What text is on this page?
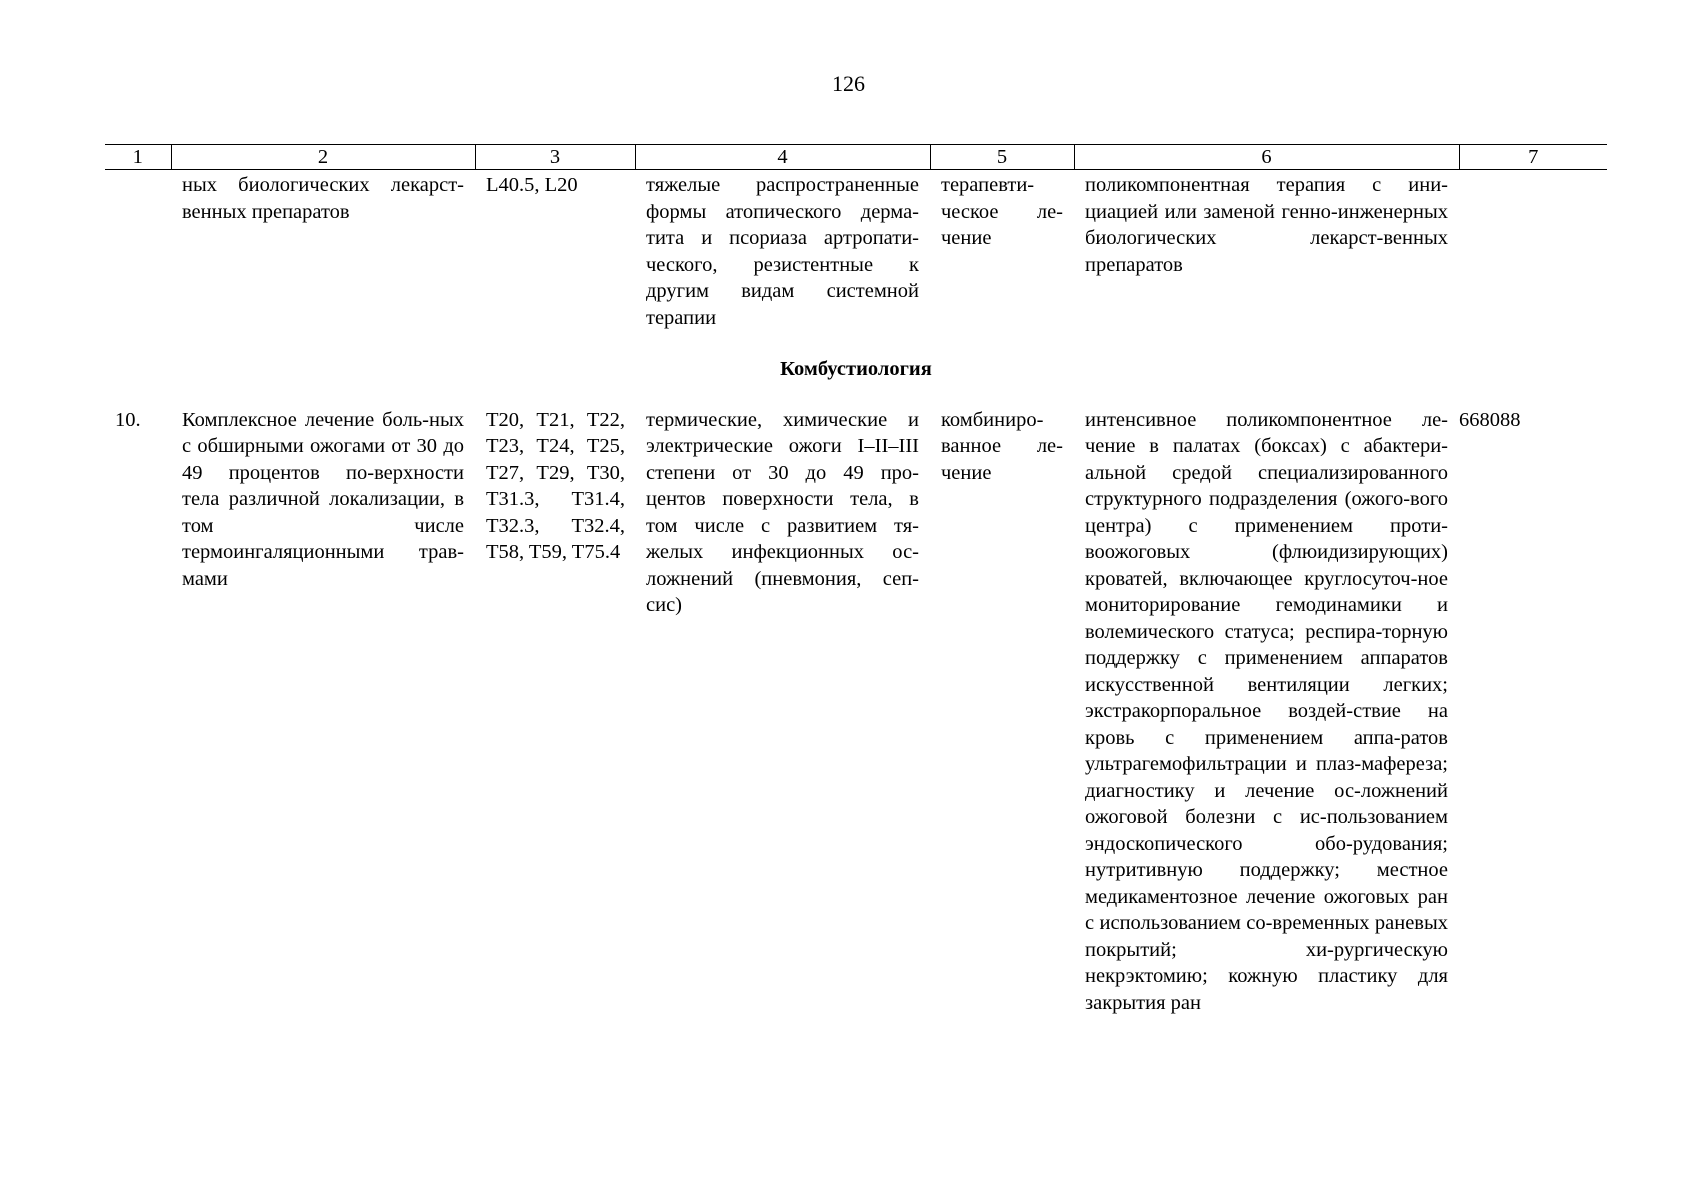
126
1	2	3	4	5	6	7
	ных биологических лекарст-венных препаратов	L40.5, L20	тяжелые распространенные формы атопического дерма-тита и псориаза артропати-ческого, резистентные к другим видам системной терапии	терапевти-ческое ле-чение	поликомпонентная терапия с ини-циацией или заменой генно-инженерных биологических лекарст-венных препаратов	
Комбустиология						
10.	Комплексное лечение боль-ных с обширными ожогами от 30 до 49 процентов по-верхности тела различной локализации, в том числе термоингаляционными трав-мами	T20, T21, T22, T23, T24, T25, T27, T29, T30, T31.3, T31.4, T32.3, T32.4, T58, T59, T75.4	термические, химические и электрические ожоги I–II–III степени от 30 до 49 про-центов поверхности тела, в том числе с развитием тя-желых инфекционных ос-ложнений (пневмония, сеп-сис)	комбиниро-ванное ле-чение	интенсивное поликомпонентное ле-чение в палатах (боксах) с абактери-альной средой специализированного структурного подразделения (ожого-вого центра) с применением проти-воожоговых (флюидизирующих) кроватей, включающее круглосуточ-ное мониторирование гемодинамики и волемического статуса; респира-торную поддержку с применением аппаратов искусственной вентиляции легких; экстракорпоральное воздей-ствие на кровь с применением аппа-ратов ультрагемофильтрации и плаз-мафереза; диагностику и лечение ос-ложнений ожоговой болезни с ис-пользованием эндоскопического обо-рудования; нутритивную поддержку; местное медикаментозное лечение ожоговых ран с использованием со-временных раневых покрытий; хи-рургическую некрэктомию; кожную пластику для закрытия ран	668088
